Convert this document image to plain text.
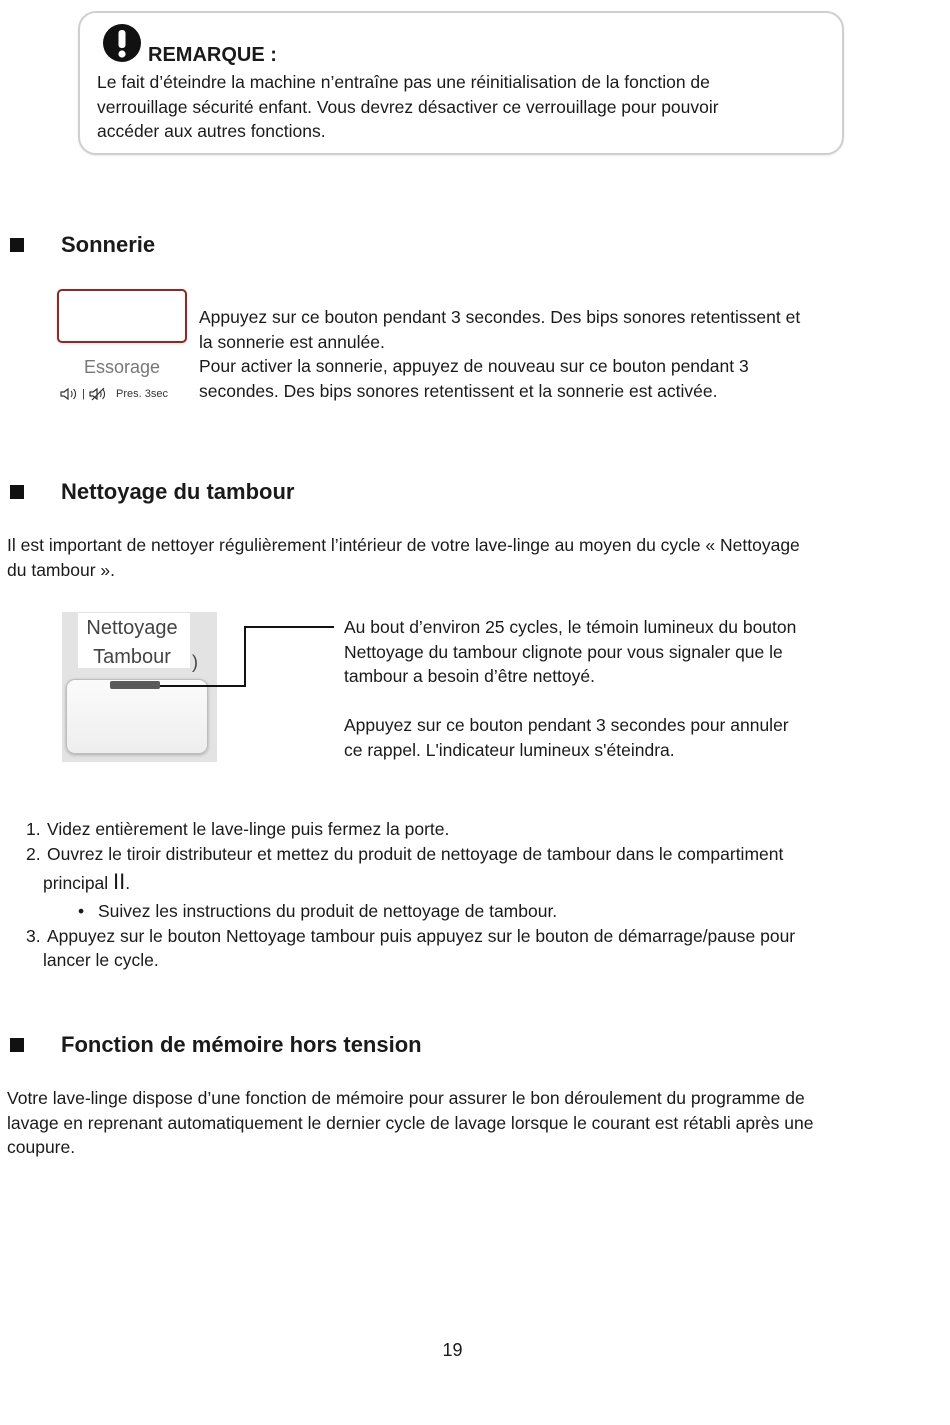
REMARQUE :
Le fait d’éteindre la machine n’entraîne pas une réinitialisation de la fonction de
verrouillage sécurité enfant. Vous devrez désactiver ce verrouillage pour pouvoir
accéder aux autres fonctions.
Sonnerie
Essorage
|	Pres. 3sec
Appuyez sur ce bouton pendant 3 secondes. Des bips sonores retentissent et
la sonnerie est annulée.
Pour activer la sonnerie, appuyez de nouveau sur ce bouton pendant 3
secondes. Des bips sonores retentissent et la sonnerie est activée.
Nettoyage du tambour
Il est important de nettoyer régulièrement l’intérieur de votre lave-linge au moyen du cycle « Nettoyage
du tambour ».
Nettoyage
Tambour	)
Au bout d’environ 25 cycles, le témoin lumineux du bouton
Nettoyage du tambour clignote pour vous signaler que le
tambour a besoin d’être nettoyé.
Appuyez sur ce bouton pendant 3 secondes pour annuler
ce rappel. L'indicateur lumineux s'éteindra.
1. Videz entièrement le lave-linge puis fermez la porte.
2. Ouvrez le tiroir distributeur et mettez du produit de nettoyage de tambour dans le compartiment
principal II.
• Suivez les instructions du produit de nettoyage de tambour.
3. Appuyez sur le bouton Nettoyage tambour puis appuyez sur le bouton de démarrage/pause pour
lancer le cycle.
Fonction de mémoire hors tension
Votre lave-linge dispose d’une fonction de mémoire pour assurer le bon déroulement du programme de
lavage en reprenant automatiquement le dernier cycle de lavage lorsque le courant est rétabli après une
coupure.
19
